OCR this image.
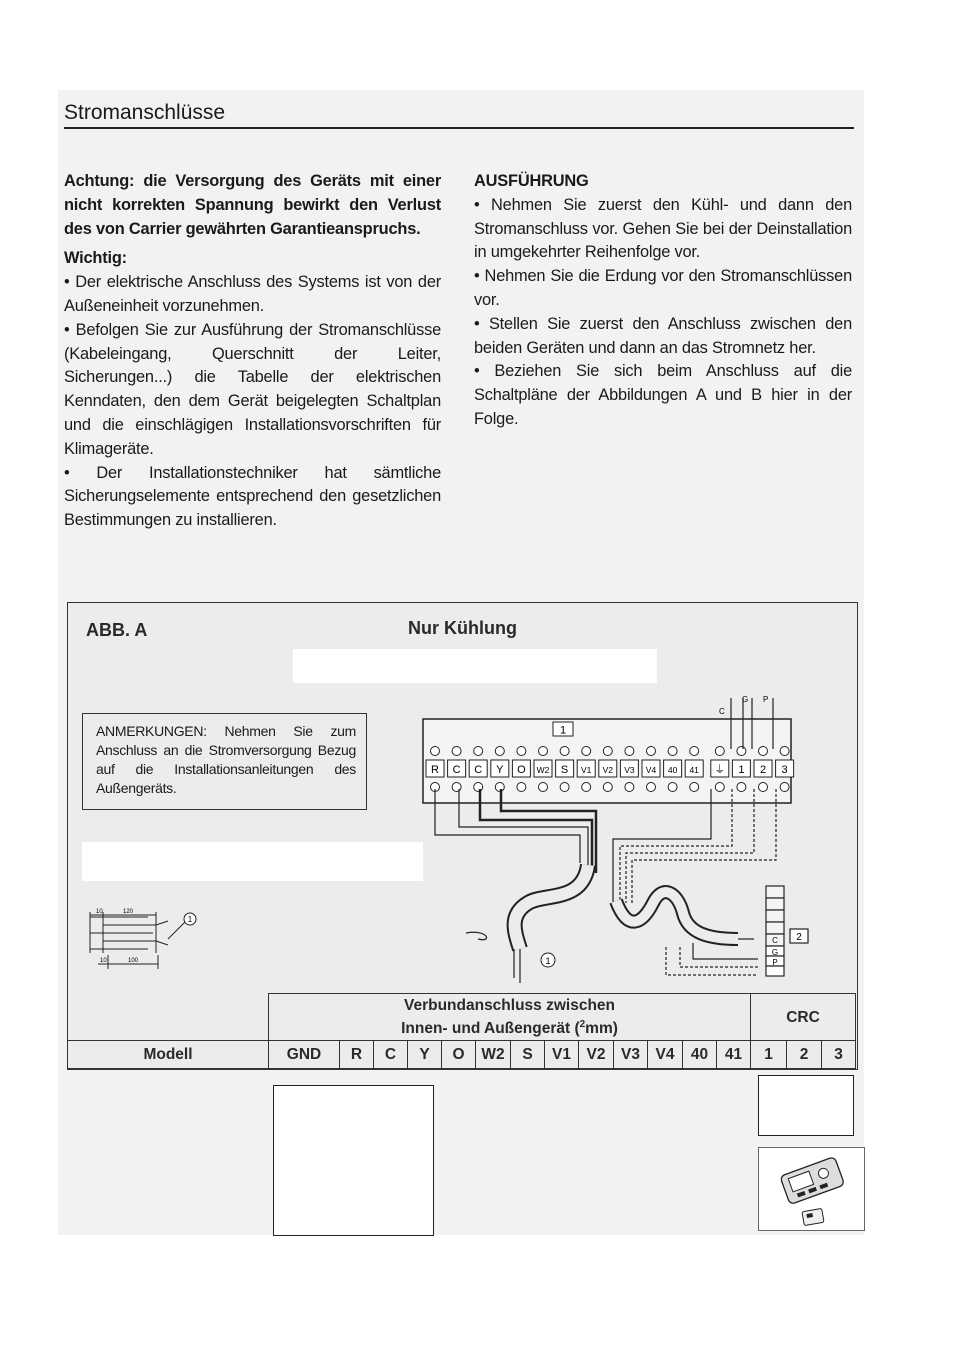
Stromanschlüsse

Achtung: die Versorgung des Geräts mit einer nicht korrekten Spannung bewirkt den Verlust des von Carrier gewährten Garantieanspruchs.

Wichtig:

• Der elektrische Anschluss des Systems ist von der Außeneinheit vorzunehmen.

• Befolgen Sie zur Ausführung der Stromanschlüsse (Kabeleingang, Querschnitt der Leiter, Sicherungen...) die Tabelle der elektrischen Kenndaten, den dem Gerät beigelegten Schaltplan und die einschlägigen Installationsvorschriften für Klimageräte.

• Der Installationstechniker hat sämtliche Sicherungselemente entsprechend den gesetzlichen Bestimmungen zu installieren.

AUSFÜHRUNG

• Nehmen Sie zuerst den Kühl- und dann den Stromanschluss vor. Gehen Sie bei der Deinstallation in umgekehrter Reihenfolge vor.

• Nehmen Sie die Erdung vor den Stromanschlüssen vor.

• Stellen Sie zuerst den Anschluss zwischen den beiden Geräten und dann an das Stromnetz her.

• Beziehen Sie sich beim Anschluss auf die Schaltpläne der Abbildungen A und B hier in der Folge.

ABB. A	Nur Kühlung
ANMERKUNGEN: Nehmen Sie zum Anschluss an die Stromversorgung Bezug auf die Installationsanleitungen des Außengeräts.
1
R C C Y O W2 S V1 V2 V3 V4 40 41 ⏚ 1 2 3
C
G P
1
C
G
P
2
10	120
10	100
1
	Verbundanschluss zwischen
Innen- und Außengerät ($^2$mm)													CRC		
Modell	GND	R	C	Y	O	W2	S	V1	V2	V3	V4	40	41	1	2	3
